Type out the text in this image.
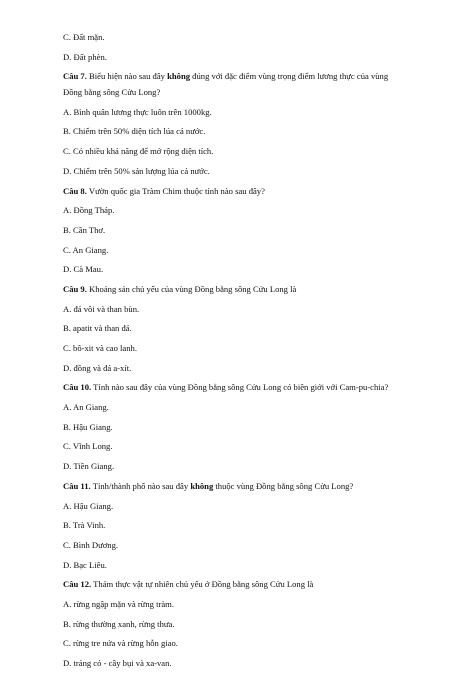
C. Đất mặn.
D. Đất phèn.
Câu 7. Biểu hiện nào sau đây không đúng với đặc điểm vùng trọng điểm lương thực của vùng
Đồng bằng sông Cửu Long?
A. Bình quân lương thực luôn trên 1000kg.
B. Chiếm trên 50% diện tích lúa cả nước.
C. Có nhiều khả năng để mở rộng diện tích.
D. Chiếm trên 50% sản lượng lúa cả nước.
Câu 8. Vườn quốc gia Tràm Chim thuộc tỉnh nào sau đây?
A. Đồng Tháp.
B. Cần Thơ.
C. An Giang.
D. Cà Mau.
Câu 9. Khoáng sản chủ yếu của vùng Đồng bằng sông Cửu Long là
A. đá vôi và than bùn.
B. apatit và than đá.
C. bô-xit và cao lanh.
D. đồng và đá a-xít.
Câu 10. Tỉnh nào sau đây của vùng Đồng bằng sông Cửu Long có biên giới với Cam-pu-chia?
A. An Giang.
B. Hậu Giang.
C. Vĩnh Long.
D. Tiền Giang.
Câu 11. Tỉnh/thành phố nào sau đây không thuộc vùng Đồng bằng sông Cửu Long?
A. Hậu Giang.
B. Trà Vinh.
C. Bình Dương.
D. Bạc Liêu.
Câu 12. Thảm thực vật tự nhiên chủ yếu ở Đồng bằng sông Cửu Long là
A. rừng ngập mặn và rừng tràm.
B. rừng thường xanh, rừng thưa.
C. rừng tre nứa và rừng hỗn giao.
D. trảng cỏ - cây bụi và xa-van.
